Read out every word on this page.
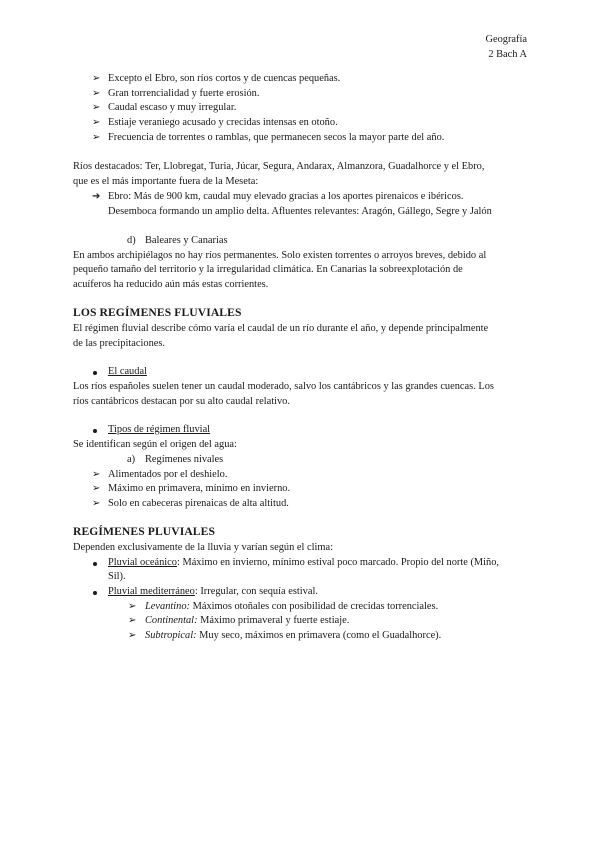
Geografía
2 Bach A
➢ Excepto el Ebro, son ríos cortos y de cuencas pequeñas.
➢ Gran torrencialidad y fuerte erosión.
➢ Caudal escaso y muy irregular.
➢ Estiaje veraniego acusado y crecidas intensas en otoño.
➢ Frecuencia de torrentes o ramblas, que permanecen secos la mayor parte del año.
Ríos destacados: Ter, Llobregat, Turia, Júcar, Segura, Andarax, Almanzora, Guadalhorce y el Ebro,
que es el más importante fuera de la Meseta:
➔ Ebro: Más de 900 km, caudal muy elevado gracias a los aportes pirenaicos e ibéricos.
Desemboca formando un amplio delta. Afluentes relevantes: Aragón, Gállego, Segre y Jalón
d) Baleares y Canarias
En ambos archipiélagos no hay ríos permanentes. Solo existen torrentes o arroyos breves, debido al
pequeño tamaño del territorio y la irregularidad climática. En Canarias la sobreexplotación de
acuíferos ha reducido aún más estas corrientes.
LOS REGÍMENES FLUVIALES
El régimen fluvial describe cómo varía el caudal de un río durante el año, y depende principalmente
de las precipitaciones.
El caudal
Los ríos españoles suelen tener un caudal moderado, salvo los cantábricos y las grandes cuencas. Los
ríos cantábricos destacan por su alto caudal relativo.
Tipos de régimen fluvial
Se identifican según el origen del agua:
a) Regímenes nivales
➢ Alimentados por el deshielo.
➢ Máximo en primavera, mínimo en invierno.
➢ Solo en cabeceras pirenaicas de alta altitud.
REGÍMENES PLUVIALES
Dependen exclusivamente de la lluvia y varían según el clima:
Pluvial oceánico: Máximo en invierno, mínimo estival poco marcado. Propio del norte (Miño,
Sil).
Pluvial mediterráneo: Irregular, con sequía estival.
➢ Levantino: Máximos otoñales con posibilidad de crecidas torrenciales.
➢ Continental: Máximo primaveral y fuerte estiaje.
➢ Subtropical: Muy seco, máximos en primavera (como el Guadalhorce).
